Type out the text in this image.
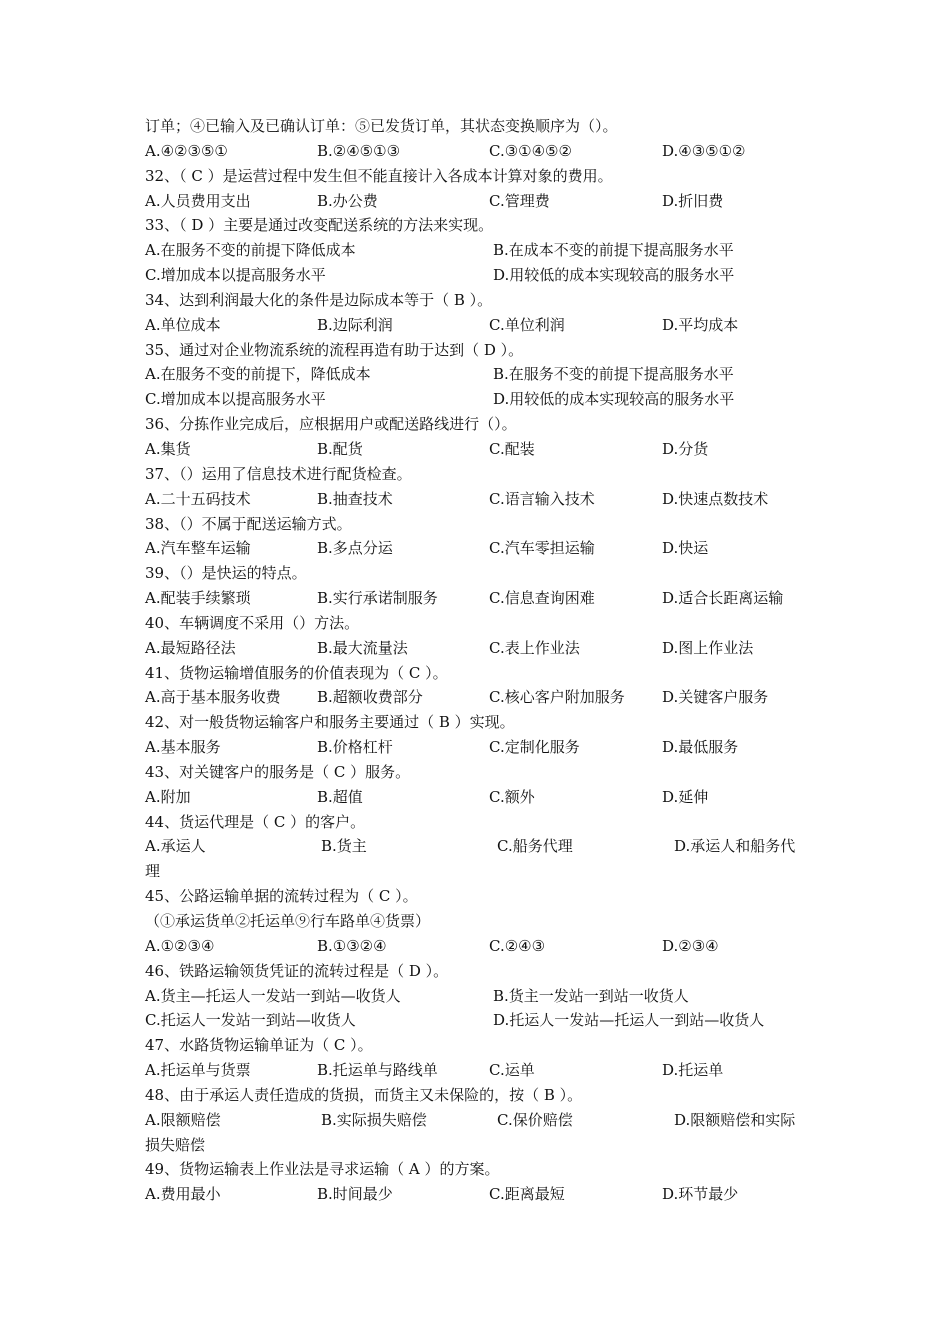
订单；④已输入及已确认订单：⑤已发货订单，其状态变换顺序为（）。
A.④②③⑤①	B.②④⑤①③	C.③①④⑤②	D.④③⑤①②
32、（ C ）是运营过程中发生但不能直接计入各成本计算对象的费用。
A.人员费用支出	B.办公费	C.管理费	D.折旧费
33、（ D ）主要是通过改变配送系统的方法来实现。
A.在服务不变的前提下降低成本	B.在成本不变的前提下提高服务水平
C.增加成本以提高服务水平	D.用较低的成本实现较高的服务水平
34、达到利润最大化的条件是边际成本等于（ B ）。
A.单位成本	B.边际利润	C.单位利润	D.平均成本
35、通过对企业物流系统的流程再造有助于达到（ D ）。
A.在服务不变的前提下，降低成本	B.在服务不变的前提下提高服务水平
C.增加成本以提高服务水平	D.用较低的成本实现较高的服务水平
36、分拣作业完成后，应根据用户或配送路线进行（）。
A.集货	B.配货	C.配装	D.分货
37、（）运用了信息技术进行配货检查。
A.二十五码技术	B.抽查技术	C.语言输入技术	D.快速点数技术
38、（）不属于配送运输方式。
A.汽车整车运输	B.多点分运	C.汽车零担运输	D.快运
39、（）是快运的特点。
A.配装手续繁琐	B.实行承诺制服务	C.信息查询困难	D.适合长距离运输
40、车辆调度不采用（）方法。
A.最短路径法	B.最大流量法	C.表上作业法	D.图上作业法
41、货物运输增值服务的价值表现为（ C ）。
A.高于基本服务收费 B.超额收费部分	C.核心客户附加服务 D.关键客户服务
42、对一般货物运输客户和服务主要通过（ B ）实现。
A.基本服务	B.价格杠杆	C.定制化服务	D.最低服务
43、对关键客户的服务是（ C ）服务。
A.附加	B.超值	C.额外	D.延伸
44、货运代理是（ C ）的客户。
A.承运人	B.货主	C.船务代理	D.承运人和船务代
理
45、公路运输单据的流转过程为（ C ）。
（①承运货单②托运单⑨行车路单④货票）
A.①②③④	B.①③②④	C.②④③	D.②③④
46、铁路运输领货凭证的流转过程是（ D ）。
A.货主—托运人一发站一到站—收货人	B.货主一发站一到站一收货人
C.托运人一发站一到站—收货人	D.托运人一发站—托运人一到站—收货人
47、水路货物运输单证为（ C ）。
A.托运单与货票	B.托运单与路线单	C.运单	D.托运单
48、由于承运人责任造成的货损，而货主又未保险的，按（ B ）。
A.限额赔偿	B.实际损失赔偿	C.保价赔偿	D.限额赔偿和实际
损失赔偿
49、货物运输表上作业法是寻求运输（ A ）的方案。
A.费用最小	B.时间最少	C.距离最短	D.环节最少
